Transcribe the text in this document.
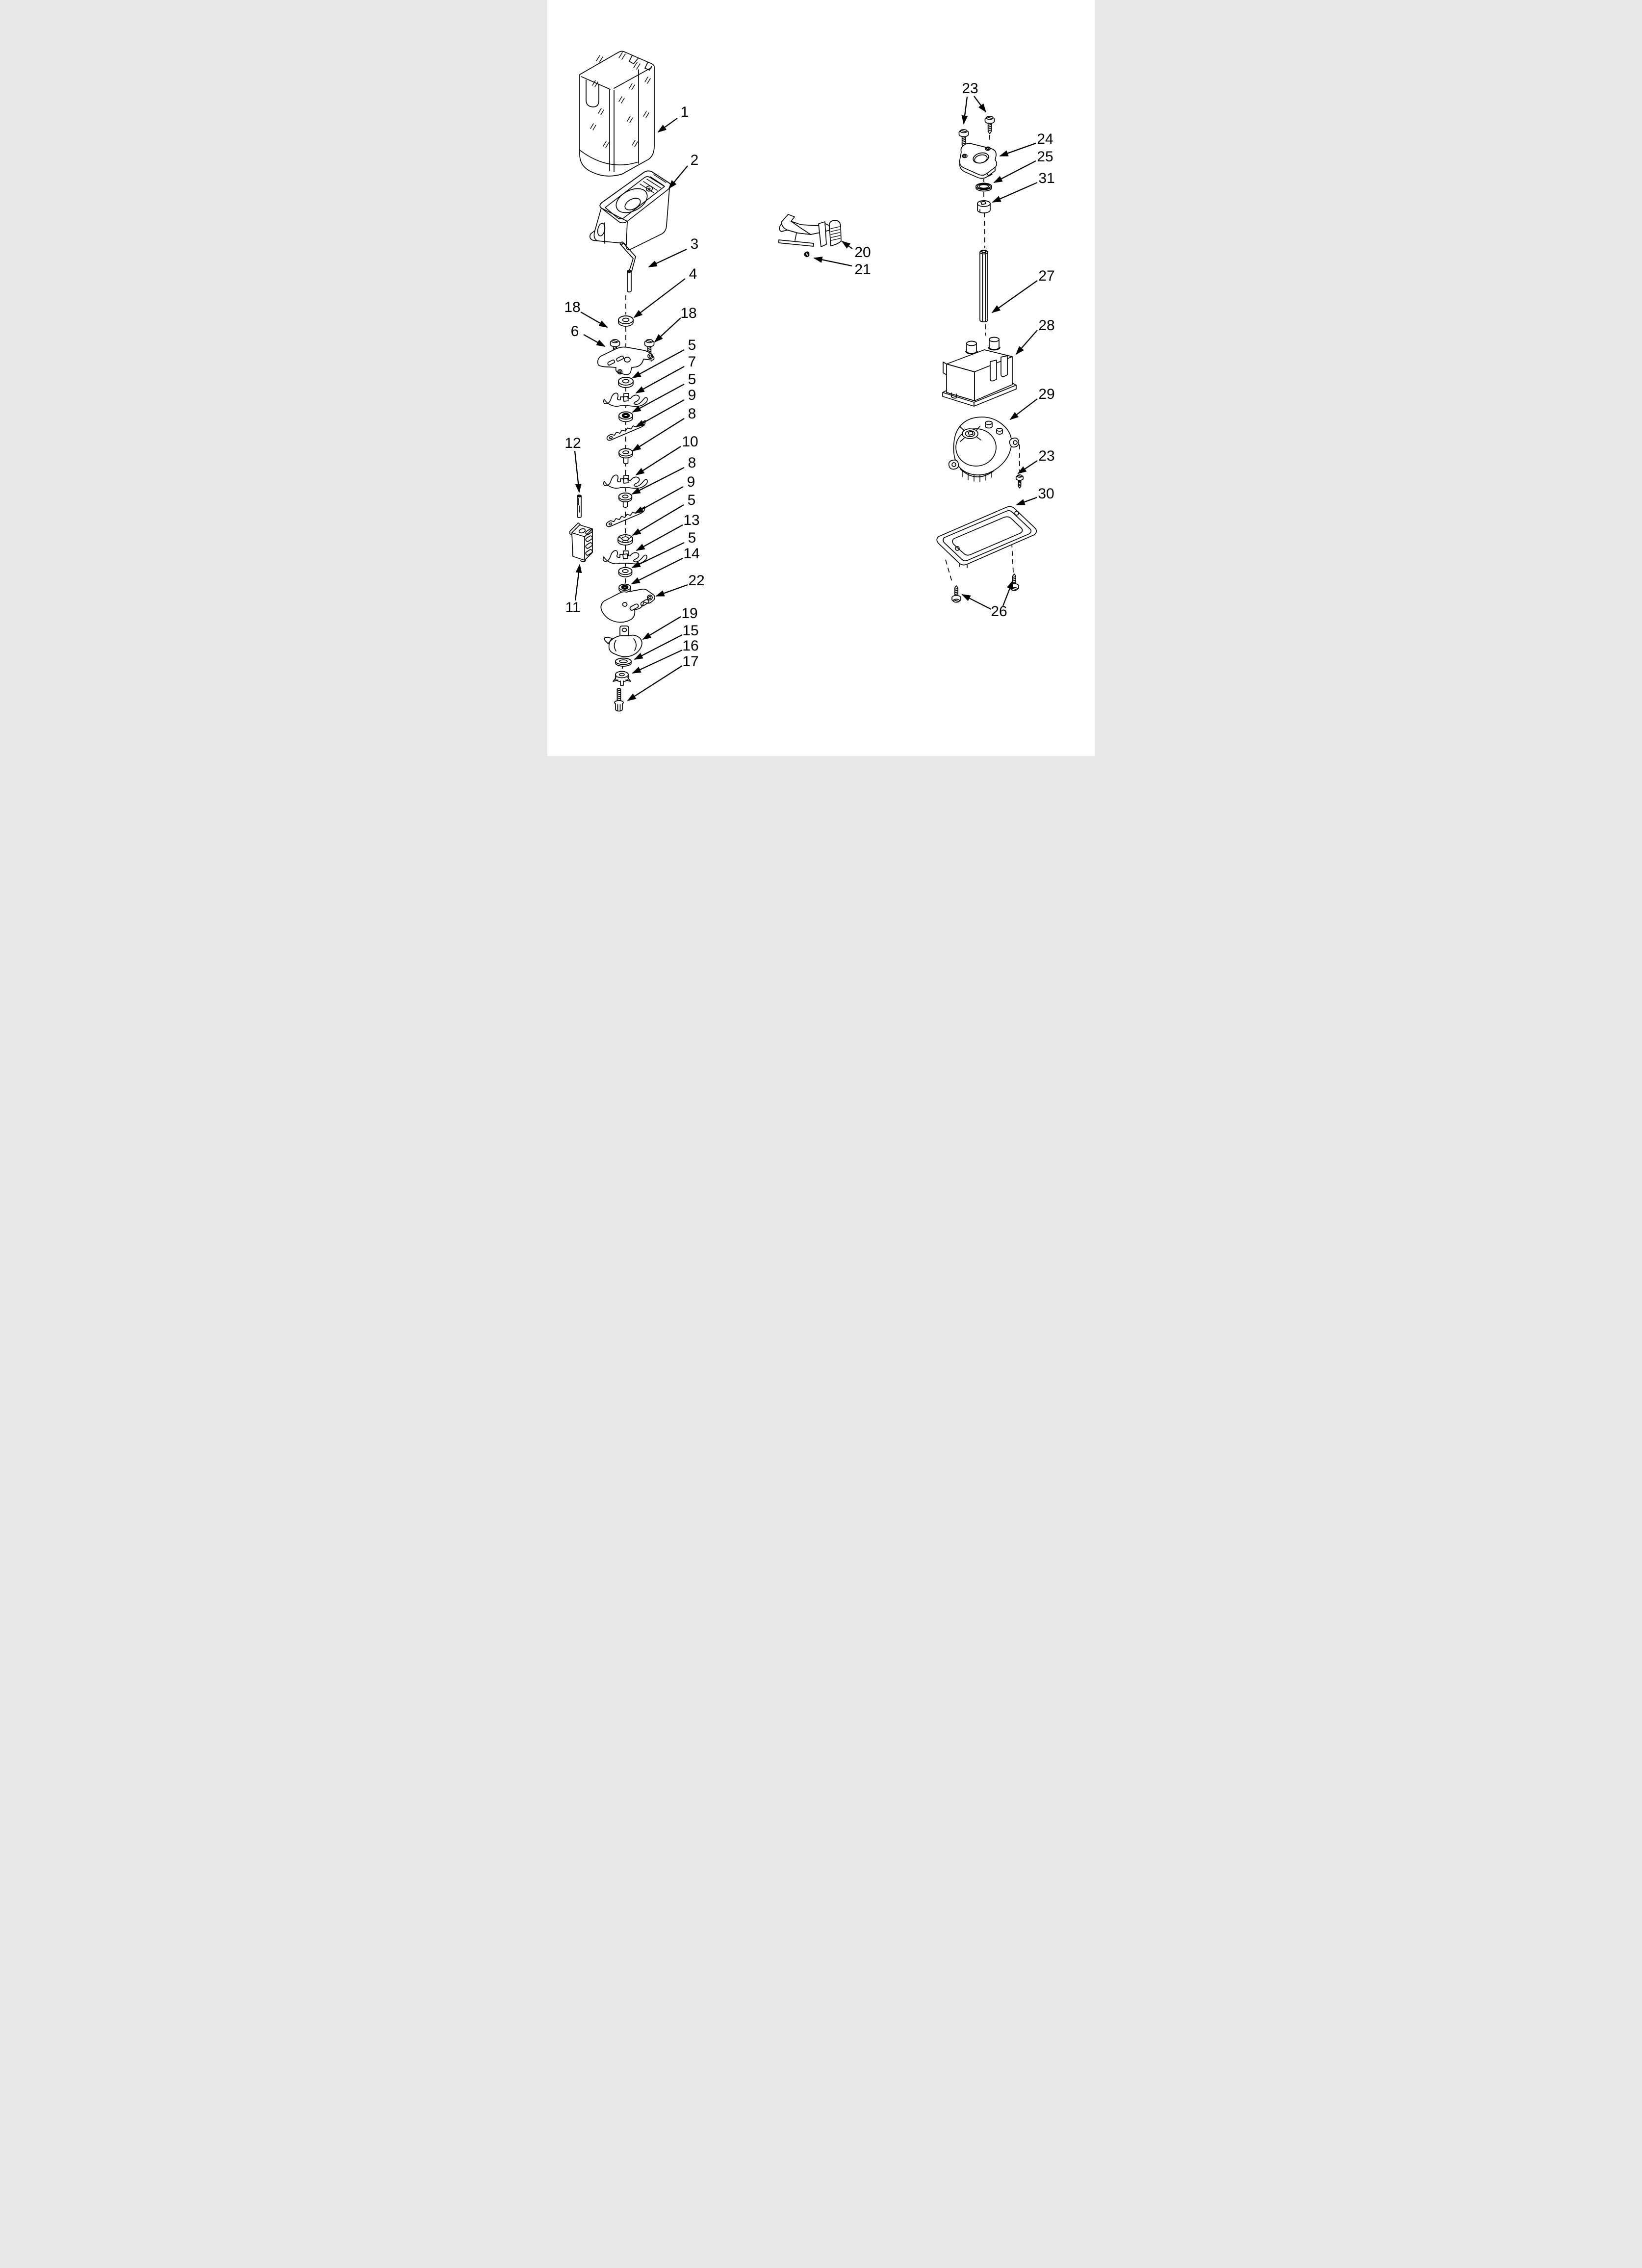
1
2
3
4
18	18
6
5
7
5
9
8
10
8
9
5
13
5
14
22
12
11	19
15
16
17
20
21
23
24
25
31
27
28
29
23
30
26
